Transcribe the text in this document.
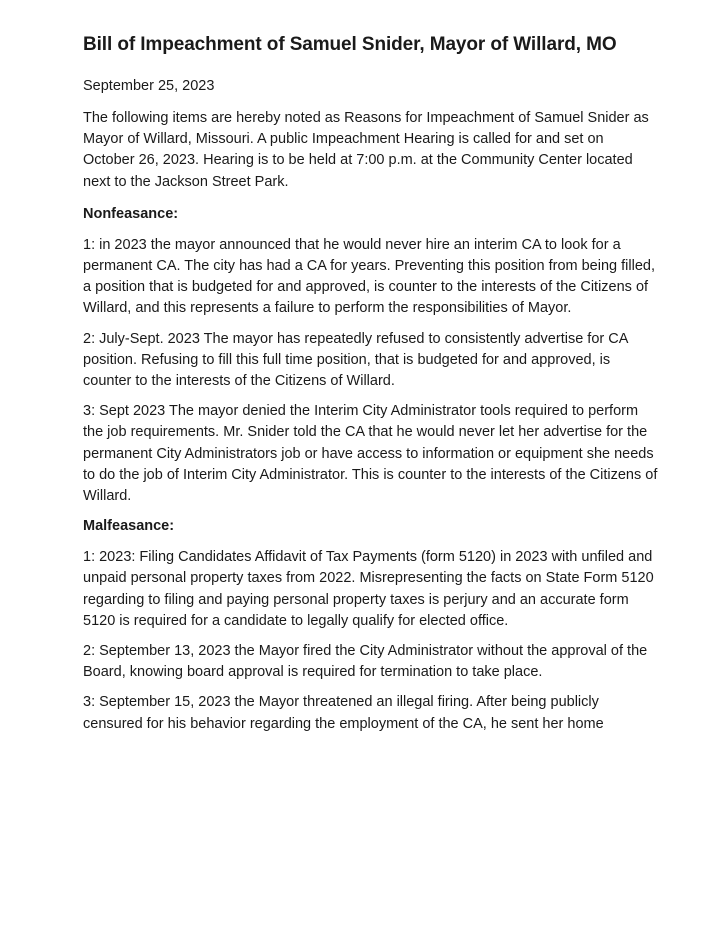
Bill of Impeachment of Samuel Snider, Mayor of Willard, MO
September 25, 2023

The following items are hereby noted as Reasons for Impeachment of Samuel Snider as Mayor of Willard, Missouri. A public Impeachment Hearing is called for and set on October 26, 2023. Hearing is to be held at 7:00 p.m. at the Community Center located next to the Jackson Street Park.

Nonfeasance:

1: in 2023 the mayor announced that he would never hire an interim CA to look for a permanent CA. The city has had a CA for years. Preventing this position from being filled, a position that is budgeted for and approved, is counter to the interests of the Citizens of Willard, and this represents a failure to perform the responsibilities of Mayor.

2: July-Sept. 2023 The mayor has repeatedly refused to consistently advertise for CA position. Refusing to fill this full time position, that is budgeted for and approved, is counter to the interests of the Citizens of Willard.

3: Sept 2023 The mayor denied the Interim City Administrator tools required to perform the job requirements. Mr. Snider told the CA that he would never let her advertise for the permanent City Administrators job or have access to information or equipment she needs to do the job of Interim City Administrator. This is counter to the interests of the Citizens of Willard.

Malfeasance:

1: 2023: Filing Candidates Affidavit of Tax Payments (form 5120) in 2023 with unfiled and unpaid personal property taxes from 2022. Misrepresenting the facts on State Form 5120 regarding to filing and paying personal property taxes is perjury and an accurate form 5120 is required for a candidate to legally qualify for elected office.

2: September 13, 2023 the Mayor fired the City Administrator without the approval of the Board, knowing board approval is required for termination to take place.

3: September 15, 2023 the Mayor threatened an illegal firing. After being publicly censured for his behavior regarding the employment of the CA, he sent her home
